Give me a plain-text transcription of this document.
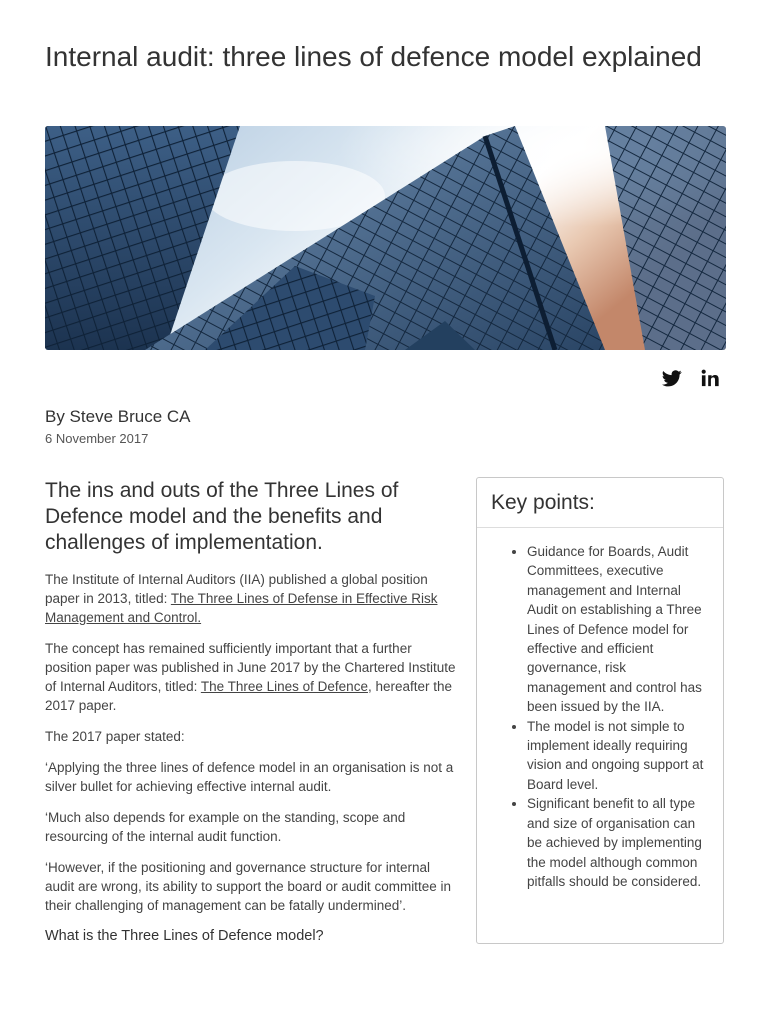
Internal audit: three lines of defence model explained

By Steve Bruce CA

6 November 2017

The ins and outs of the Three Lines of Defence model and the benefits and challenges of implementation.

The Institute of Internal Auditors (IIA) published a global position paper in 2013, titled: The Three Lines of Defense in Effective Risk Management and Control.

The concept has remained sufficiently important that a further position paper was published in June 2017 by the Chartered Institute of Internal Auditors, titled: The Three Lines of Defence, hereafter the 2017 paper.

The 2017 paper stated:

‘Applying the three lines of defence model in an organisation is not a silver bullet for achieving effective internal audit.

‘Much also depends for example on the standing, scope and resourcing of the internal audit function.

‘However, if the positioning and governance structure for internal audit are wrong, its ability to support the board or audit committee in their challenging of management can be fatally undermined’.

What is the Three Lines of Defence model?

Key points:
• Guidance for Boards, Audit Committees, executive management and Internal Audit on establishing a Three Lines of Defence model for effective and efficient governance, risk management and control has been issued by the IIA.
• The model is not simple to implement ideally requiring vision and ongoing support at Board level.
• Significant benefit to all type and size of organisation can be achieved by implementing the model although common pitfalls should be considered.
